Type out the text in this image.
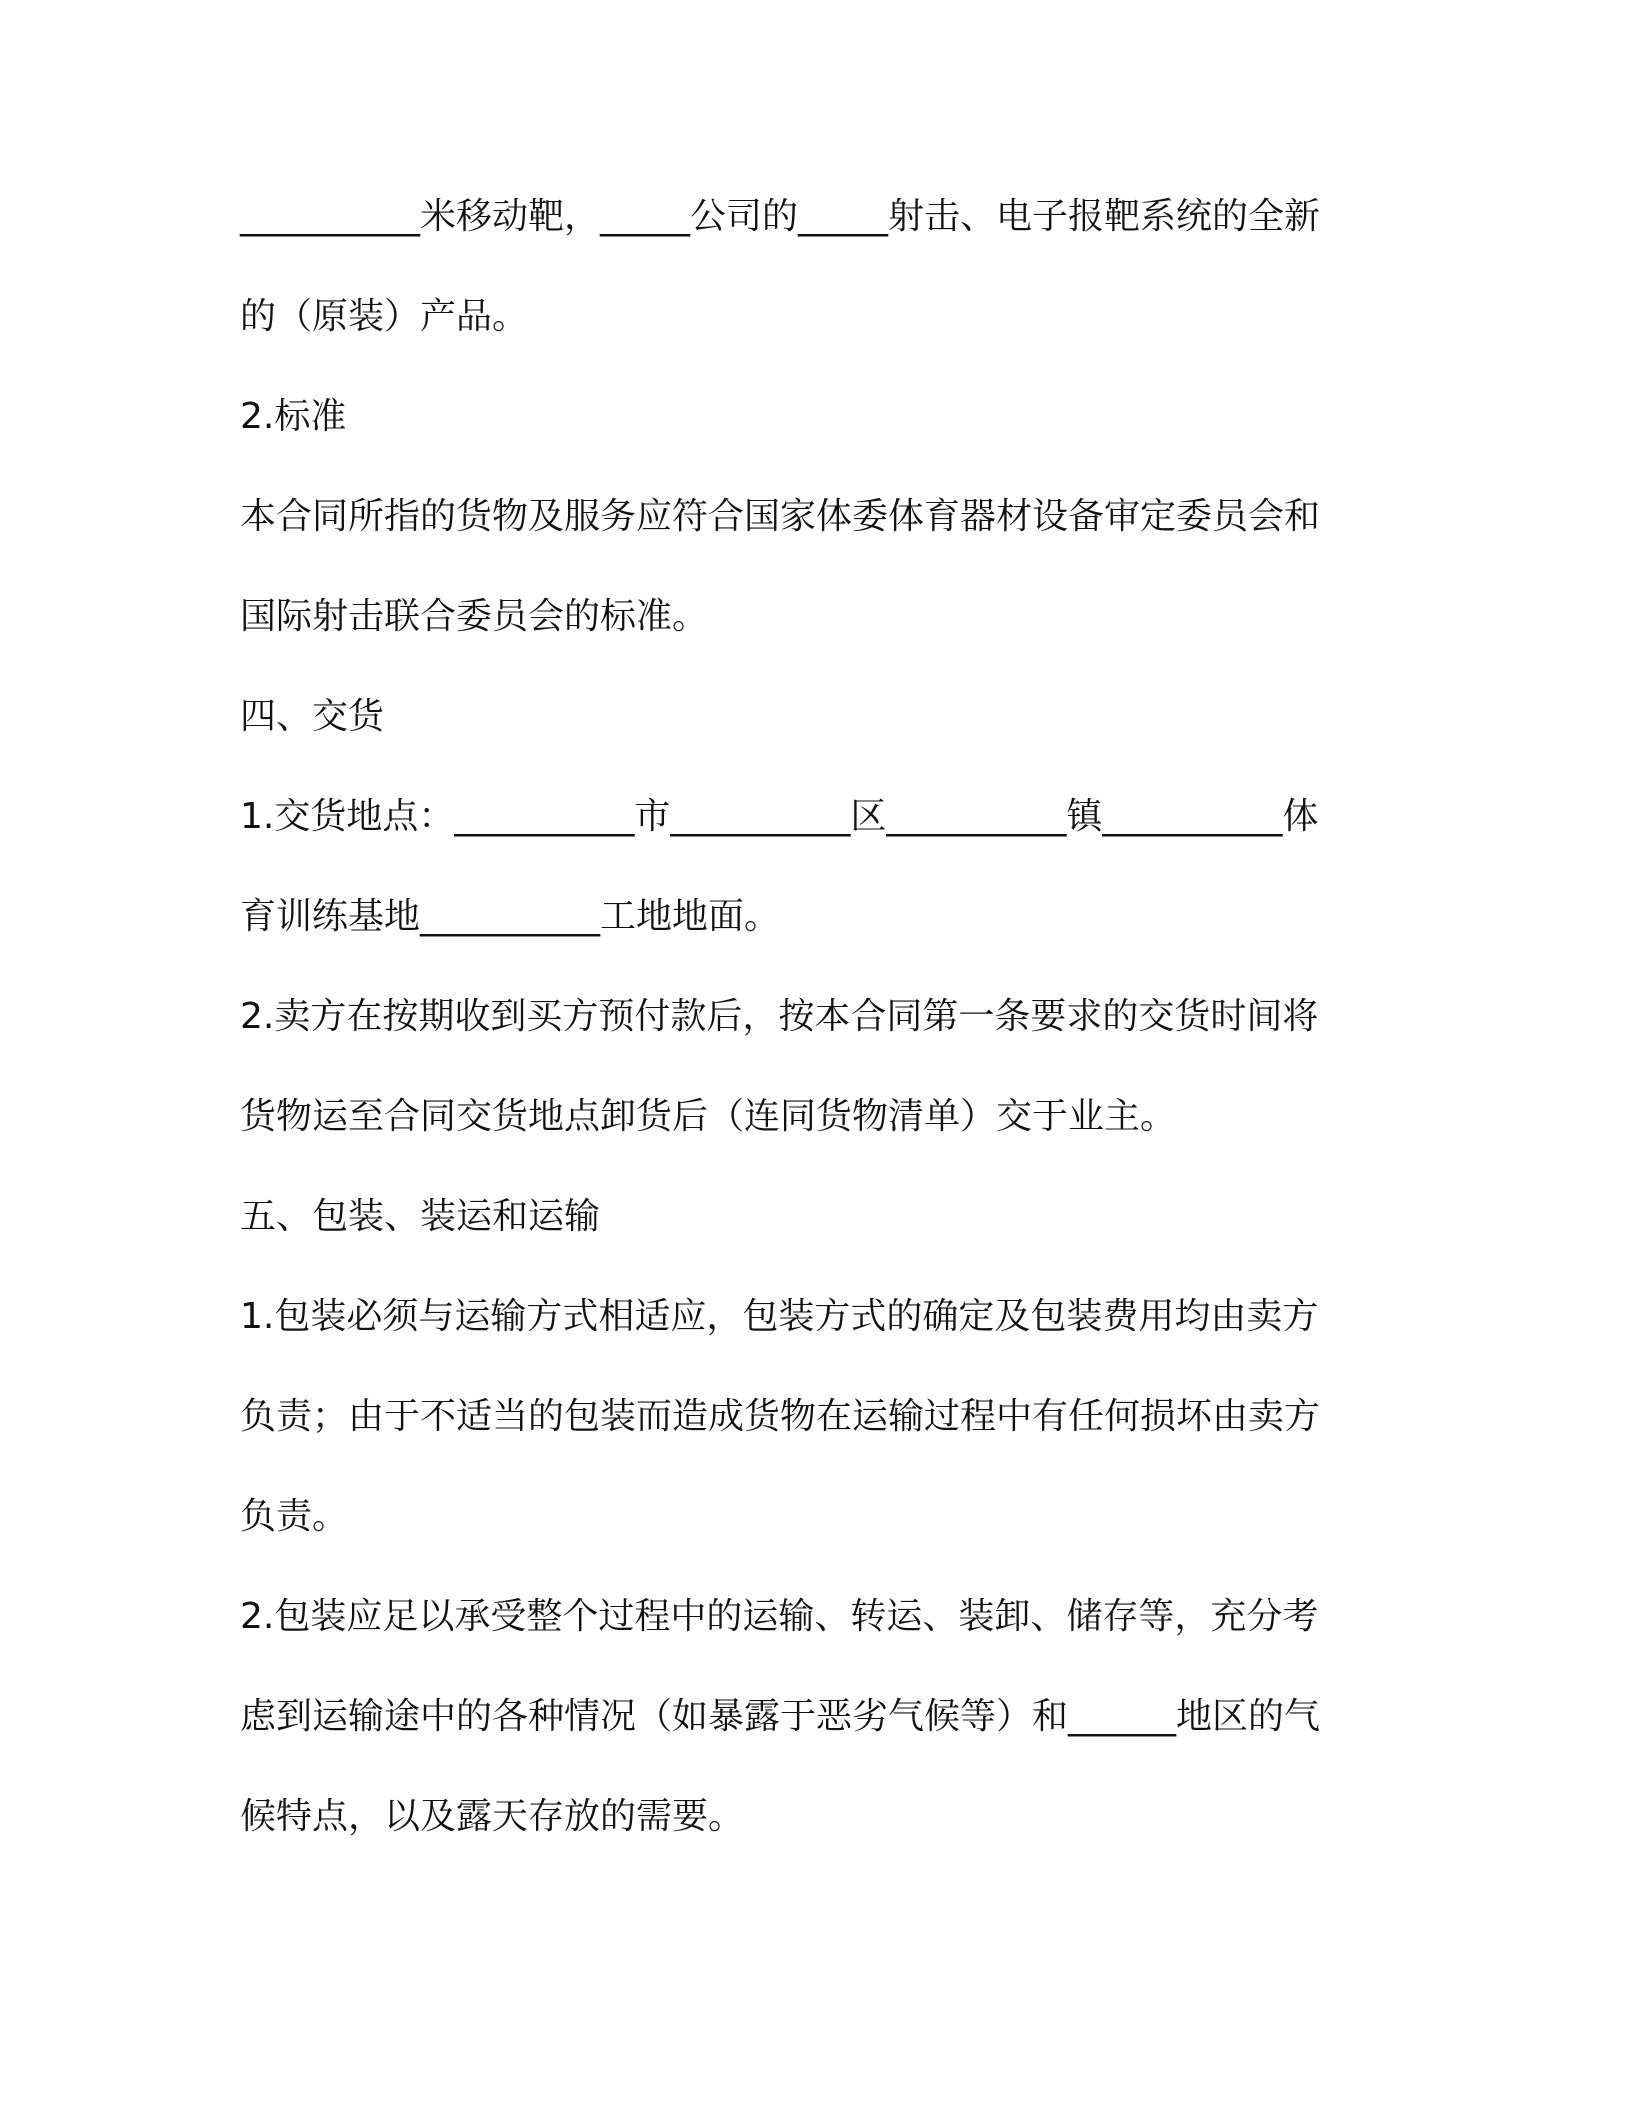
__________米移动靶，_____公司的_____射击、电子报靶系统的全新
的（原装）产品。
2.标准
本合同所指的货物及服务应符合国家体委体育器材设备审定委员会和
国际射击联合委员会的标准。
四、交货
1.交货地点：__________市__________区__________镇__________体
育训练基地__________工地地面。
2.卖方在按期收到买方预付款后，按本合同第一条要求的交货时间将
货物运至合同交货地点卸货后（连同货物清单）交于业主。
五、包装、装运和运输
1.包装必须与运输方式相适应，包装方式的确定及包装费用均由卖方
负责；由于不适当的包装而造成货物在运输过程中有任何损坏由卖方
负责。
2.包装应足以承受整个过程中的运输、转运、装卸、储存等，充分考
虑到运输途中的各种情况（如暴露于恶劣气候等）和______地区的气
候特点，以及露天存放的需要。
